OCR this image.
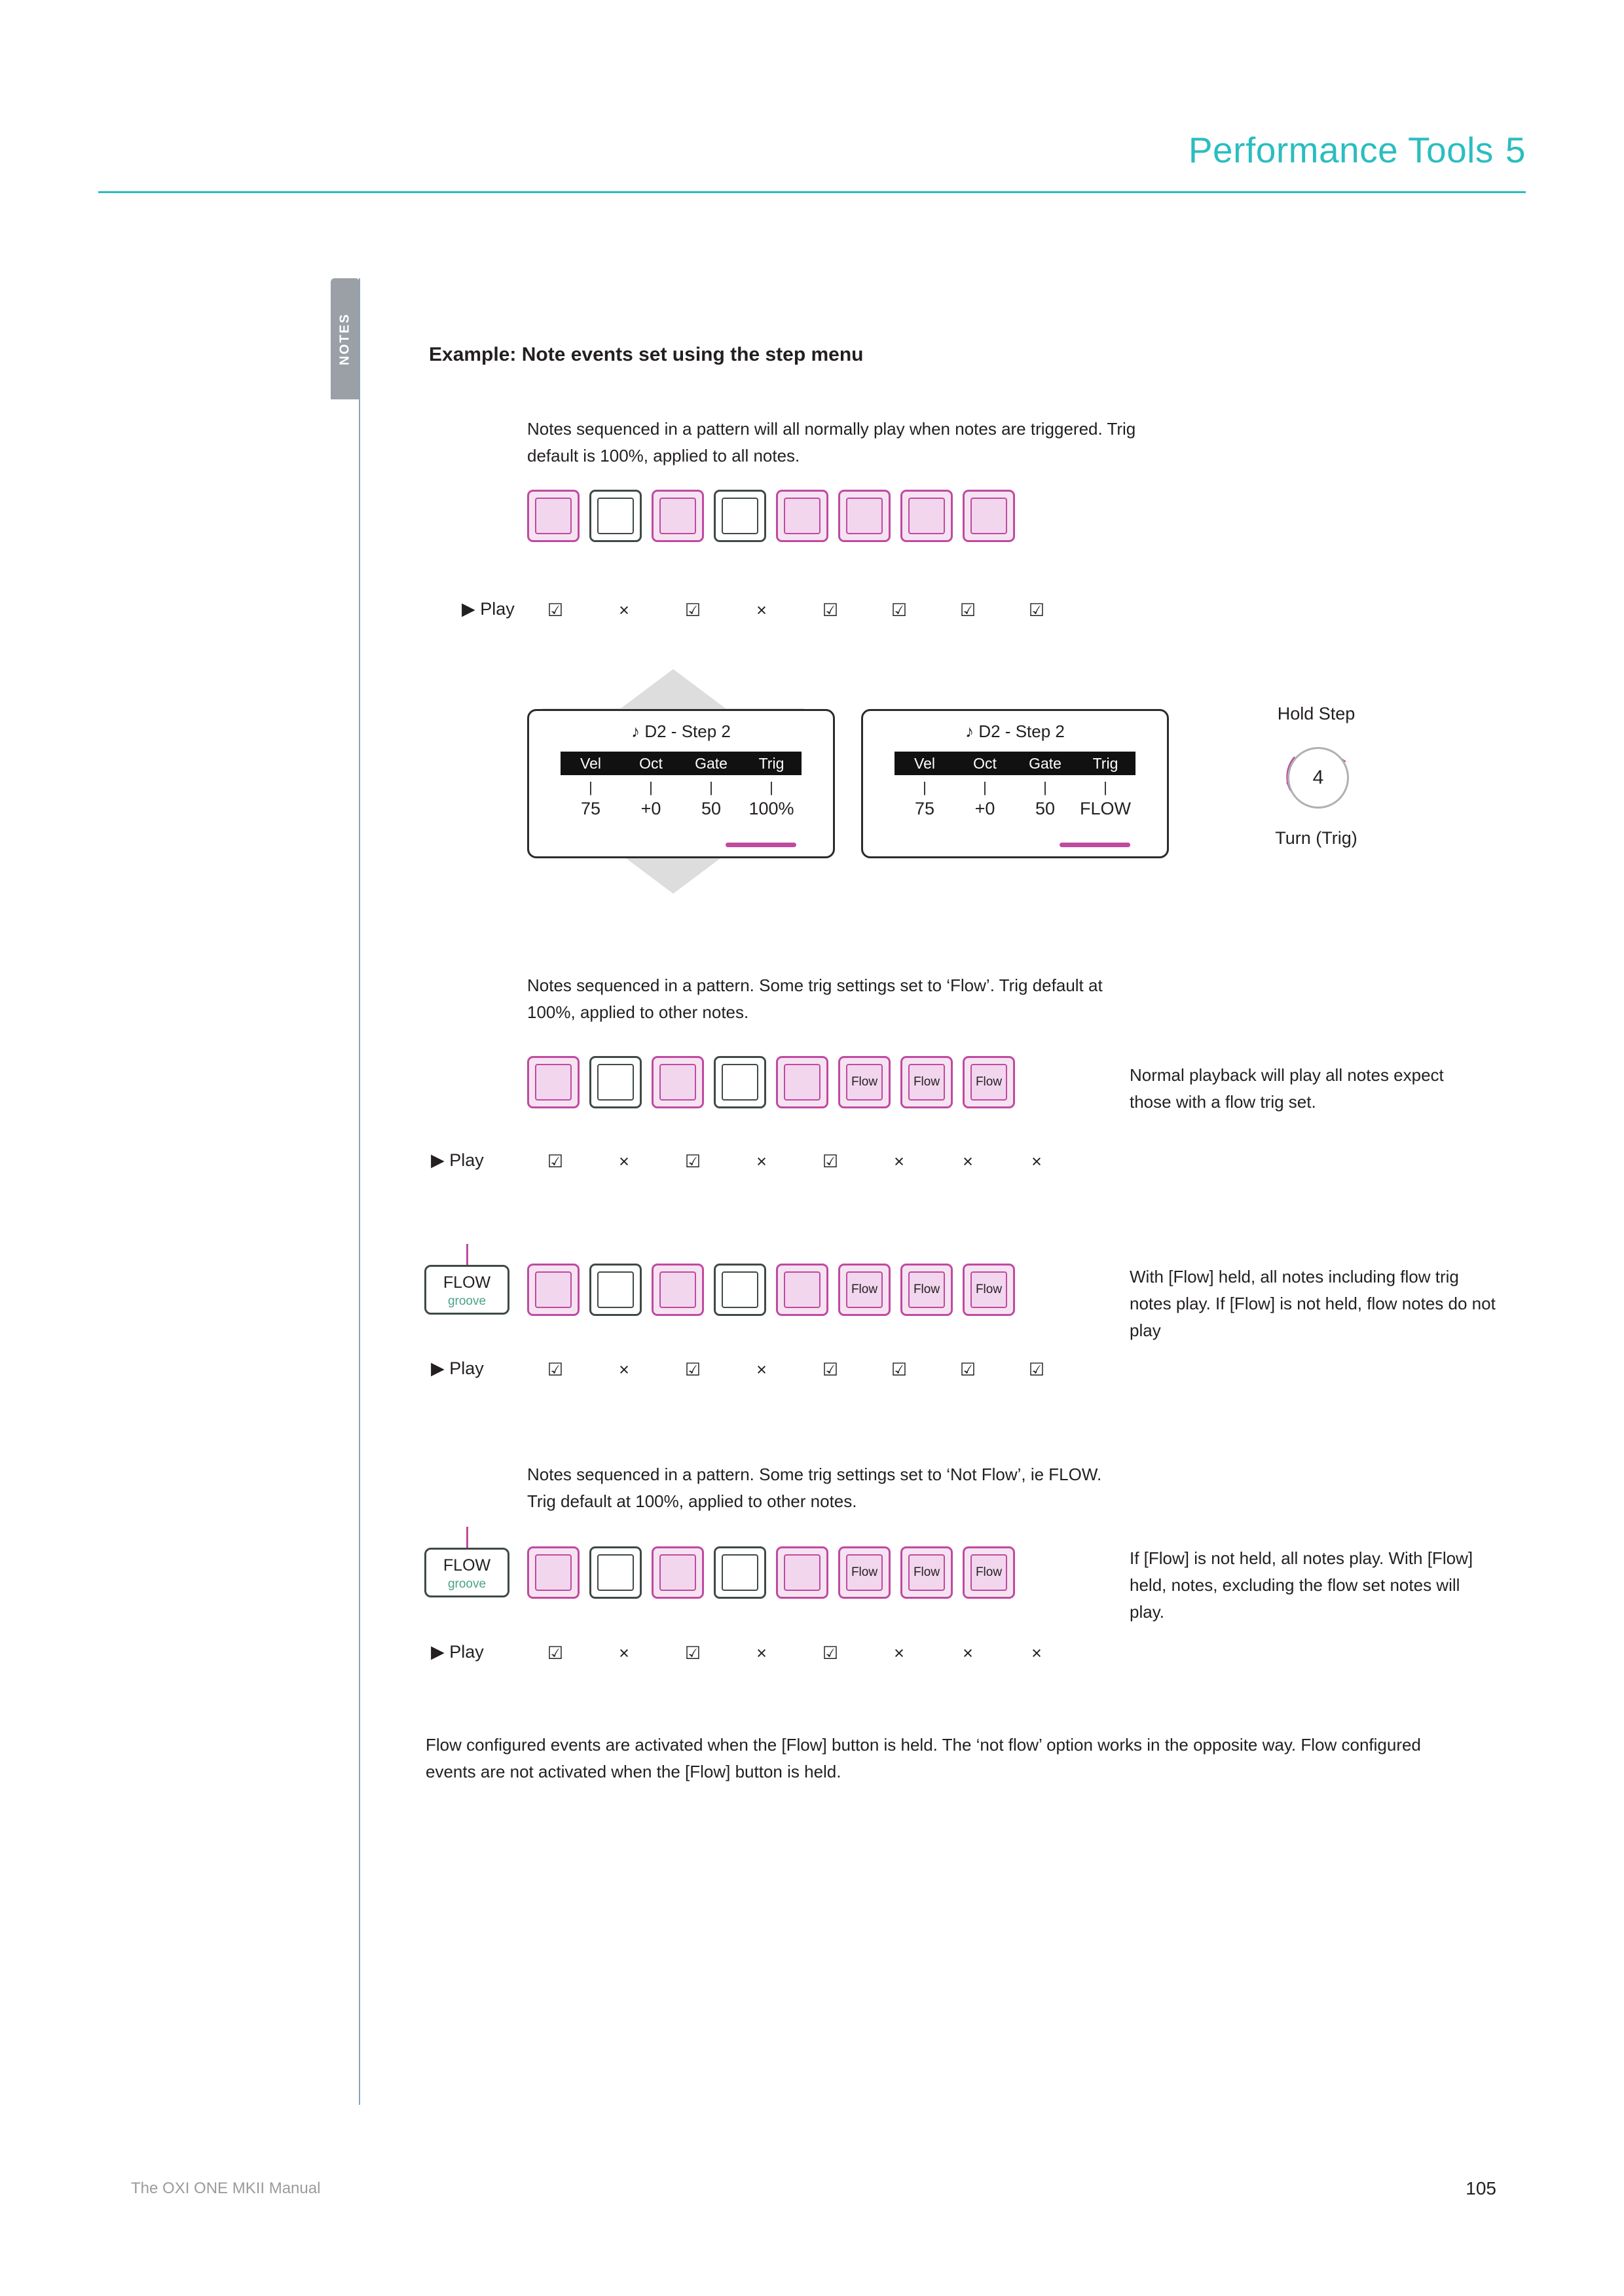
Performance Tools 5
NOTES	Example: Note events set using the step menu
Notes sequenced in a pattern will all normally play when notes are triggered. Trig default is 100%, applied to all notes.
▶ Play ☑	×	☑	×	☑	☑	☑	☑
♪ D2 - Step 2
Vel	Oct	Gate	Trig
|	|	|	|
75	+0	50	100%
♪ D2 - Step 2
Vel	Oct	Gate	Trig
|	|	|	|
75	+0	50	FLOW
Hold Step
4
Turn (Trig)
Notes sequenced in a pattern. Some trig settings set to ‘Flow’. Trig default at 100%, applied to other notes.
Flow	Flow	Flow	Normal playback will play all notes expect those with a flow trig set.
▶ Play	☑	×	☑	×	☑	×	×	×
FLOW
groove
Flow	Flow	Flow
With [Flow] held, all notes including flow trig notes play. If [Flow] is not held, flow notes do not play
▶ Play	☑	×	☑	×	☑	☑	☑	☑
Notes sequenced in a pattern. Some trig settings set to ‘Not Flow’, ie FLOW. Trig default at 100%, applied to other notes.
FLOW
groove
Flow	Flow	Flow
If [Flow] is not held, all notes play. With [Flow] held, notes, excluding the flow set notes will play.
▶ Play	☑	×	☑	×	☑	×	×	×
Flow configured events are activated when the [Flow] button is held. The ‘not flow’ option works in the opposite way. Flow configured events are not activated when the [Flow] button is held.
The OXI ONE MKII Manual	105
